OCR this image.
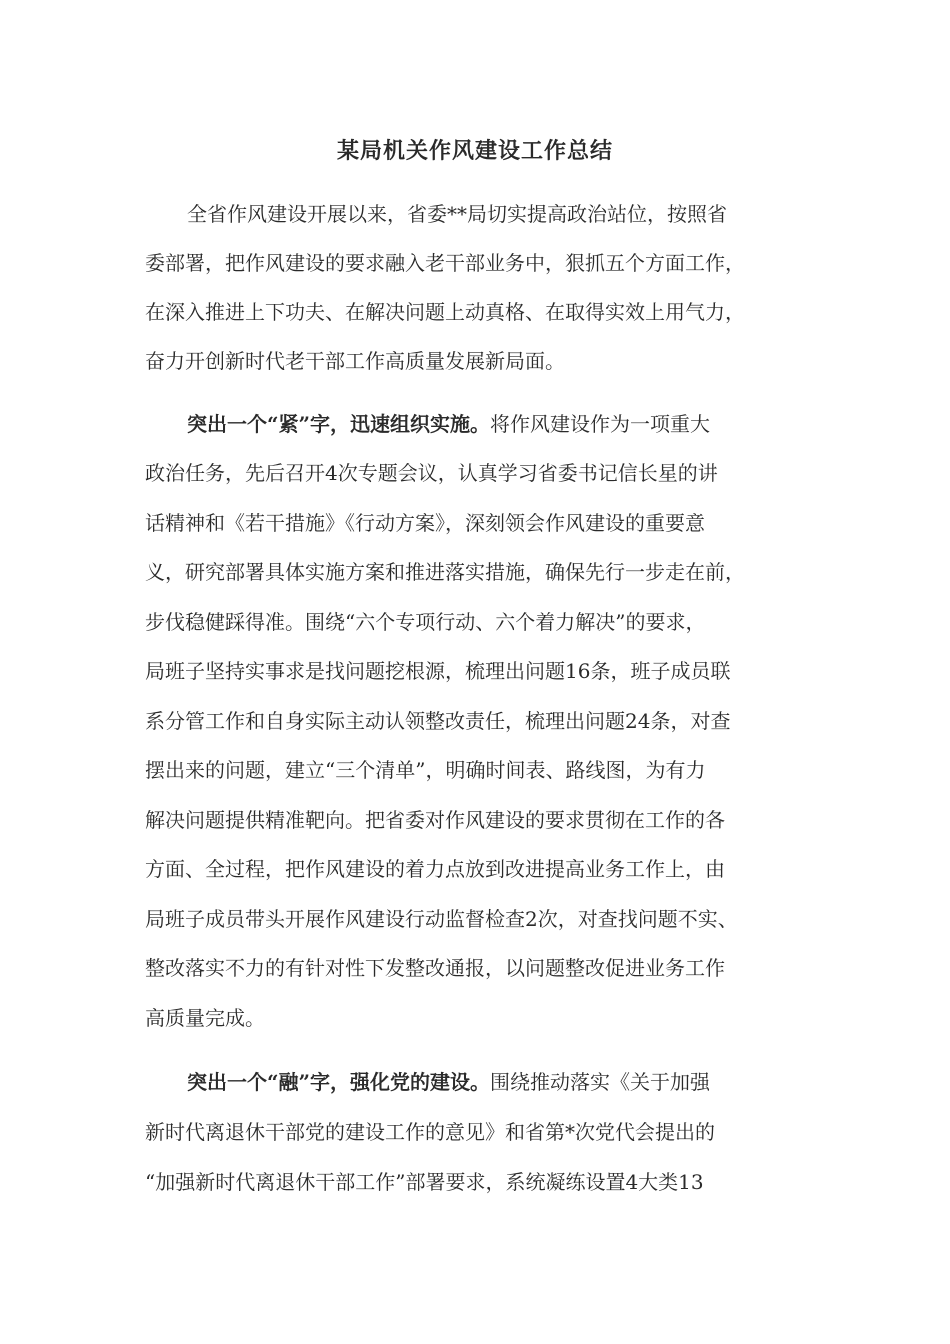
某局机关作风建设工作总结
全省作风建设开展以来，省委**局切实提高政治站位，按照省
委部署，把作风建设的要求融入老干部业务中，狠抓五个方面工作，
在深入推进上下功夫、在解决问题上动真格、在取得实效上用气力，
奋力开创新时代老干部工作高质量发展新局面。
突出一个“紧”字，迅速组织实施。将作风建设作为一项重大
政治任务，先后召开4次专题会议，认真学习省委书记信长星的讲
话精神和《若干措施》《行动方案》，深刻领会作风建设的重要意
义，研究部署具体实施方案和推进落实措施，确保先行一步走在前，
步伐稳健踩得准。围绕“六个专项行动、六个着力解决”的要求，
局班子坚持实事求是找问题挖根源，梳理出问题16条，班子成员联
系分管工作和自身实际主动认领整改责任，梳理出问题24条，对查
摆出来的问题，建立“三个清单”，明确时间表、路线图，为有力
解决问题提供精准靶向。把省委对作风建设的要求贯彻在工作的各
方面、全过程，把作风建设的着力点放到改进提高业务工作上，由
局班子成员带头开展作风建设行动监督检查2次，对查找问题不实、
整改落实不力的有针对性下发整改通报，以问题整改促进业务工作
高质量完成。
突出一个“融”字，强化党的建设。围绕推动落实《关于加强
新时代离退休干部党的建设工作的意见》和省第*次党代会提出的
“加强新时代离退休干部工作”部署要求，系统凝练设置4大类13
